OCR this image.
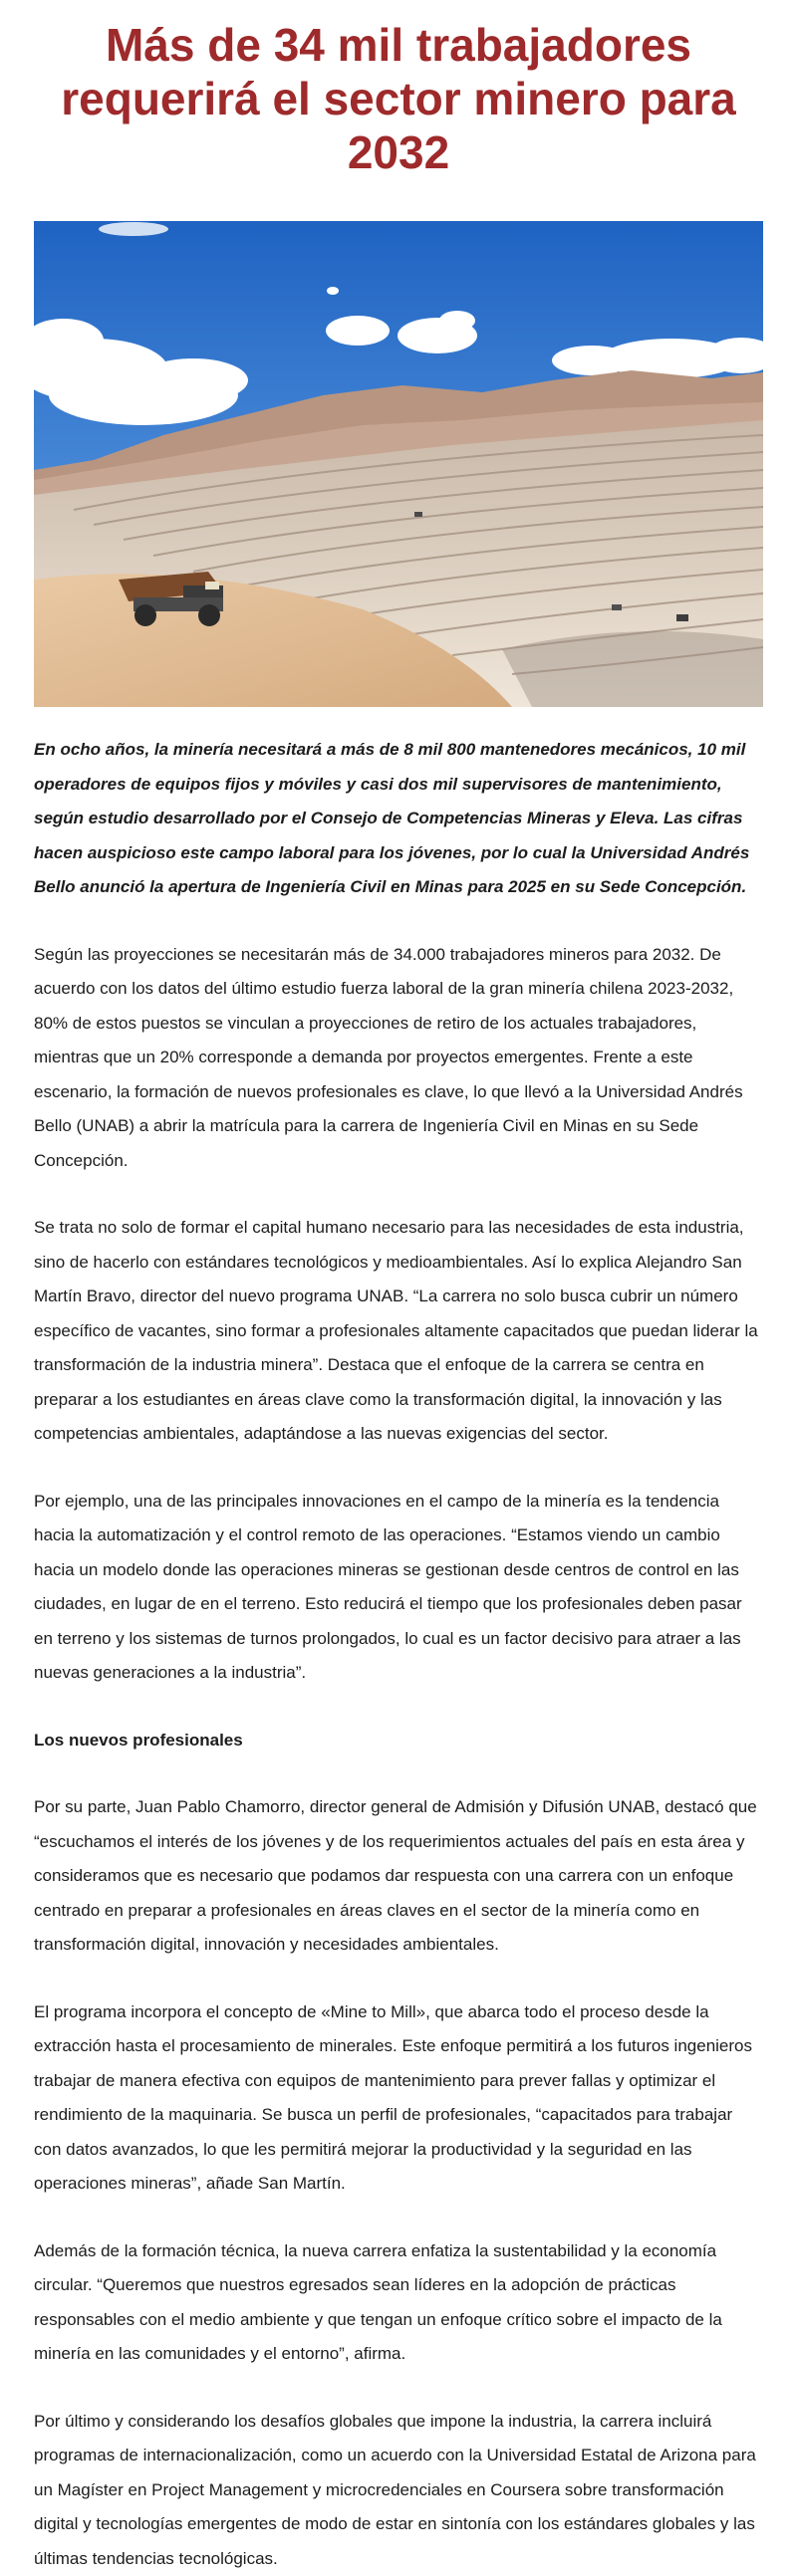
Más de 34 mil trabajadores requerirá el sector minero para 2032

En ocho años, la minería necesitará a más de 8 mil 800 mantenedores mecánicos, 10 mil operadores de equipos fijos y móviles y casi dos mil supervisores de mantenimiento, según estudio desarrollado por el Consejo de Competencias Mineras y Eleva. Las cifras hacen auspicioso este campo laboral para los jóvenes, por lo cual la Universidad Andrés Bello anunció la apertura de Ingeniería Civil en Minas para 2025 en su Sede Concepción.

Según las proyecciones se necesitarán más de 34.000 trabajadores mineros para 2032. De acuerdo con los datos del último estudio fuerza laboral de la gran minería chilena 2023-2032, 80% de estos puestos se vinculan a proyecciones de retiro de los actuales trabajadores, mientras que un 20% corresponde a demanda por proyectos emergentes. Frente a este escenario, la formación de nuevos profesionales es clave, lo que llevó a la Universidad Andrés Bello (UNAB) a abrir la matrícula para la carrera de Ingeniería Civil en Minas en su Sede Concepción.

Se trata no solo de formar el capital humano necesario para las necesidades de esta industria, sino de hacerlo con estándares tecnológicos y medioambientales. Así lo explica Alejandro San Martín Bravo, director del nuevo programa UNAB. “La carrera no solo busca cubrir un número específico de vacantes, sino formar a profesionales altamente capacitados que puedan liderar la transformación de la industria minera”. Destaca que el enfoque de la carrera se centra en preparar a los estudiantes en áreas clave como la transformación digital, la innovación y las competencias ambientales, adaptándose a las nuevas exigencias del sector.

Por ejemplo, una de las principales innovaciones en el campo de la minería es la tendencia hacia la automatización y el control remoto de las operaciones. “Estamos viendo un cambio hacia un modelo donde las operaciones mineras se gestionan desde centros de control en las ciudades, en lugar de en el terreno. Esto reducirá el tiempo que los profesionales deben pasar en terreno y los sistemas de turnos prolongados, lo cual es un factor decisivo para atraer a las nuevas generaciones a la industria”.

Los nuevos profesionales

Por su parte, Juan Pablo Chamorro, director general de Admisión y Difusión UNAB, destacó que “escuchamos el interés de los jóvenes y de los requerimientos actuales del país en esta área y consideramos que es necesario que podamos dar respuesta con una carrera con un enfoque centrado en preparar a profesionales en áreas claves en el sector de la minería como en transformación digital, innovación y necesidades ambientales.

El programa incorpora el concepto de «Mine to Mill», que abarca todo el proceso desde la extracción hasta el procesamiento de minerales. Este enfoque permitirá a los futuros ingenieros trabajar de manera efectiva con equipos de mantenimiento para prever fallas y optimizar el rendimiento de la maquinaria. Se busca un perfil de profesionales, “capacitados para trabajar con datos avanzados, lo que les permitirá mejorar la productividad y la seguridad en las operaciones mineras”, añade San Martín.

Además de la formación técnica, la nueva carrera enfatiza la sustentabilidad y la economía circular. “Queremos que nuestros egresados sean líderes en la adopción de prácticas responsables con el medio ambiente y que tengan un enfoque crítico sobre el impacto de la minería en las comunidades y el entorno”, afirma.

Por último y considerando los desafíos globales que impone la industria, la carrera incluirá programas de internacionalización, como un acuerdo con la Universidad Estatal de Arizona para un Magíster en Project Management y microcredenciales en Coursera sobre transformación digital y tecnologías emergentes de modo de estar en sintonía con los estándares globales y las últimas tendencias tecnológicas.
